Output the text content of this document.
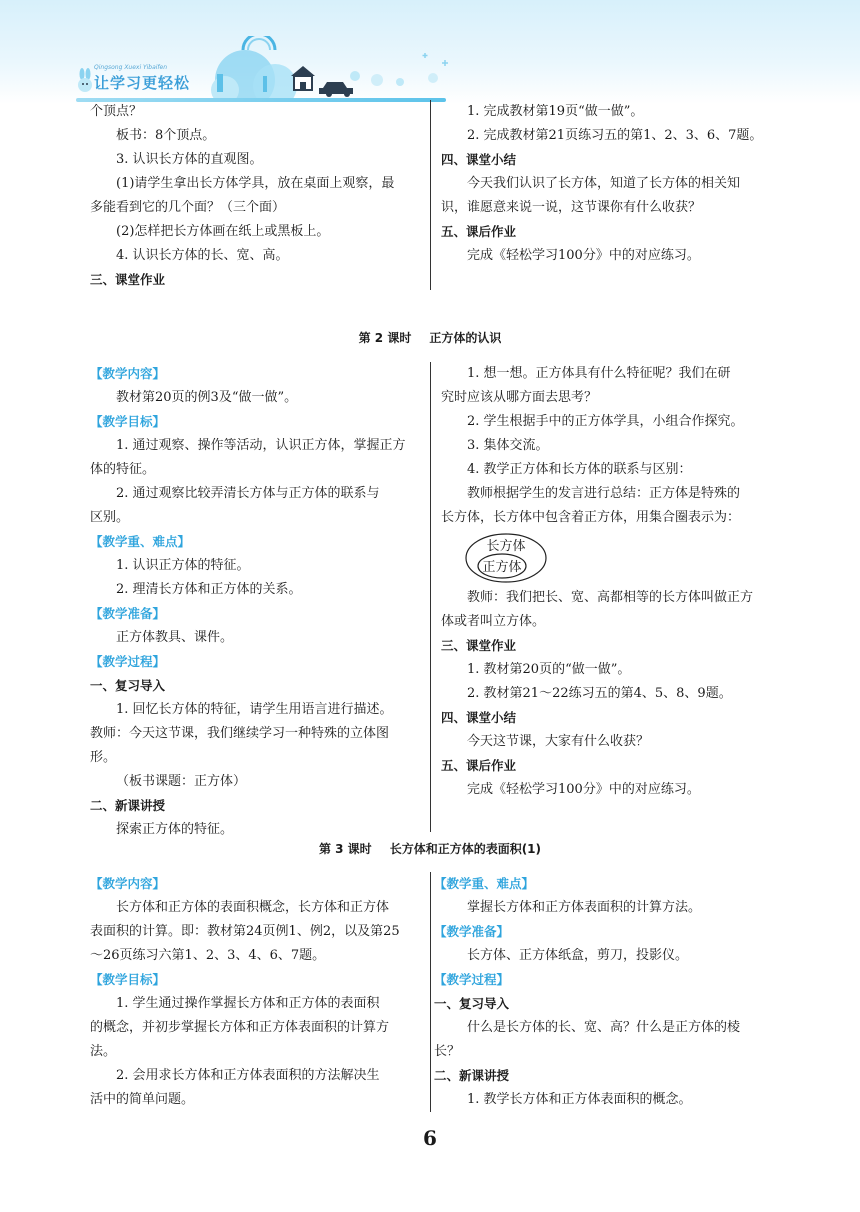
Qingsong Xuexi Yibaifen
让学习更轻松

个顶点？

板书：8个顶点。

3. 认识长方体的直观图。

(1)请学生拿出长方体学具，放在桌面上观察，最

多能看到它的几个面？（三个面）

(2)怎样把长方体画在纸上或黑板上。

4. 认识长方体的长、宽、高。

三、课堂作业

1. 完成教材第19页“做一做”。

2. 完成教材第21页练习五的第1、2、3、6、7题。

四、课堂小结

今天我们认识了长方体，知道了长方体的相关知

识，谁愿意来说一说，这节课你有什么收获？

五、课后作业

完成《轻松学习100分》中的对应练习。

第 2 课时 正方体的认识

【教学内容】

教材第20页的例3及“做一做”。

【教学目标】

1. 通过观察、操作等活动，认识正方体，掌握正方

体的特征。

2. 通过观察比较弄清长方体与正方体的联系与

区别。

【教学重、难点】

1. 认识正方体的特征。

2. 理清长方体和正方体的关系。

【教学准备】

正方体教具、课件。

【教学过程】

一、复习导入

1. 回忆长方体的特征，请学生用语言进行描述。

教师：今天这节课，我们继续学习一种特殊的立体图

形。

（板书课题：正方体）

二、新课讲授

探索正方体的特征。

1. 想一想。正方体具有什么特征呢？我们在研

究时应该从哪方面去思考？

2. 学生根据手中的正方体学具，小组合作探究。

3. 集体交流。

4. 教学正方体和长方体的联系与区别：

教师根据学生的发言进行总结：正方体是特殊的

长方体，长方体中包含着正方体，用集合圈表示为：

长方体
正方体

教师：我们把长、宽、高都相等的长方体叫做正方

体或者叫立方体。

三、课堂作业

1. 教材第20页的“做一做”。

2. 教材第21～22练习五的第4、5、8、9题。

四、课堂小结

今天这节课，大家有什么收获？

五、课后作业

完成《轻松学习100分》中的对应练习。

第 3 课时 长方体和正方体的表面积(1)

【教学内容】

长方体和正方体的表面积概念，长方体和正方体

表面积的计算。即：教材第24页例1、例2，以及第25

～26页练习六第1、2、3、4、6、7题。

【教学目标】

1. 学生通过操作掌握长方体和正方体的表面积

的概念，并初步掌握长方体和正方体表面积的计算方

法。

2. 会用求长方体和正方体表面积的方法解决生

活中的简单问题。

【教学重、难点】

掌握长方体和正方体表面积的计算方法。

【教学准备】

长方体、正方体纸盒，剪刀，投影仪。

【教学过程】

一、复习导入

什么是长方体的长、宽、高？什么是正方体的棱

长？

二、新课讲授

1. 教学长方体和正方体表面积的概念。

6
